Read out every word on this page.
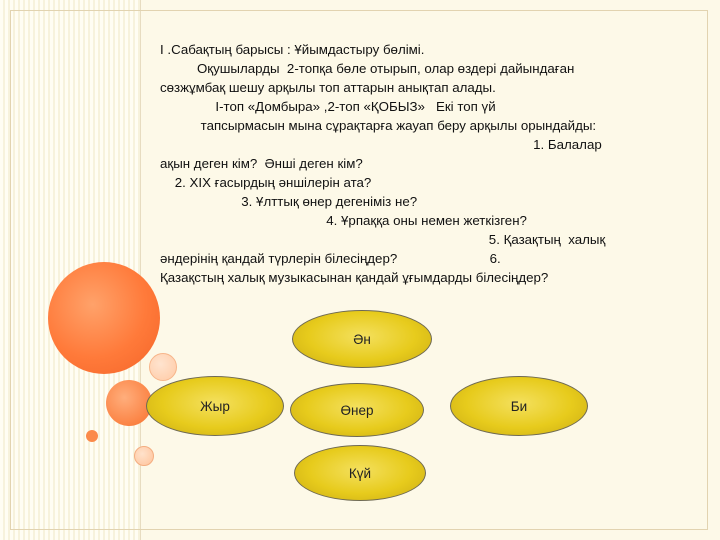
I .Сабақтың барысы : Ұйымдастыру бөлімі.
Оқушыларды  2-топқа бөле отырып, олар өздері дайындаған
сөзжұмбақ шешу арқылы топ аттарын анықтап алады.
I-топ «Домбыра» ,2-топ «ҚОБЫЗ»   Екі топ үй
тапсырмасын мына сұрақтарға жауап беру арқылы орындайды:
1. Балалар
ақын деген кім?  Әнші деген кім?
2. XIX ғасырдың әншілерін ата?
3. Ұлттық өнер дегеніміз не?
4. Ұрпаққа оны немен жеткізген?
5. Қазақтың  халық
әндерінің қандай түрлерін білесіңдер?                         6.
Қазақстың халық музыкасынан қандай ұғымдарды білесіңдер?
Ән
Жыр	Өнер	Би
Күй
